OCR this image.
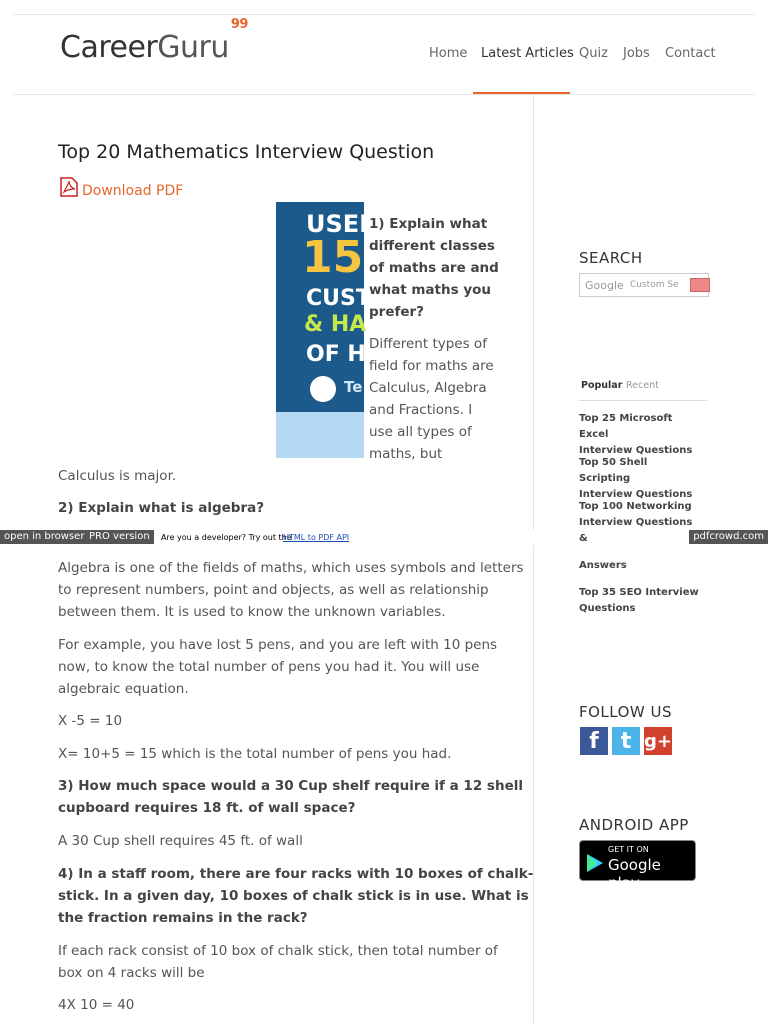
CareerGuru$^{99}$
Home Latest Articles Quiz Jobs Contact
Top 20 Mathematics Interview Question
Download PDF
USED
15
CUST
& HA
OF H
Te
1) Explain what
different classes
of maths are and
what maths you
prefer?
Different types of
field for maths are
Calculus, Algebra
and Fractions. I
use all types of
maths, but
Calculus is major.
2) Explain what is algebra?
open in browser PRO version	Are you a developer? Try out the
HTML to PDF API	pdfcrowd.com
Algebra is one of the fields of maths, which uses symbols and letters
to represent numbers, point and objects, as well as relationship
between them. It is used to know the unknown variables.
For example, you have lost 5 pens, and you are left with 10 pens
now, to know the total number of pens you had it. You will use
algebraic equation.
X -5 = 10
X= 10+5 = 15 which is the total number of pens you had.
3) How much space would a 30 Cup shelf require if a 12 shell
cupboard requires 18 ft. of wall space?
A 30 Cup shell requires 45 ft. of wall
4) In a staff room, there are four racks with 10 boxes of chalk-
stick. In a given day, 10 boxes of chalk stick is in use. What is
the fraction remains in the rack?
If each rack consist of 10 box of chalk stick, then total number of
box on 4 racks will be
4X 10 = 40
SEARCH
Google Custom Se
Popular Recent
Top 25 Microsoft Excel
Interview Questions
Top 50 Shell Scripting
Interview Questions
Top 100 Networking
Interview Questions &
Answers
Top 35 SEO Interview
Questions
FOLLOW US
f t g+
ANDROID APP
GET IT ON
Google play
